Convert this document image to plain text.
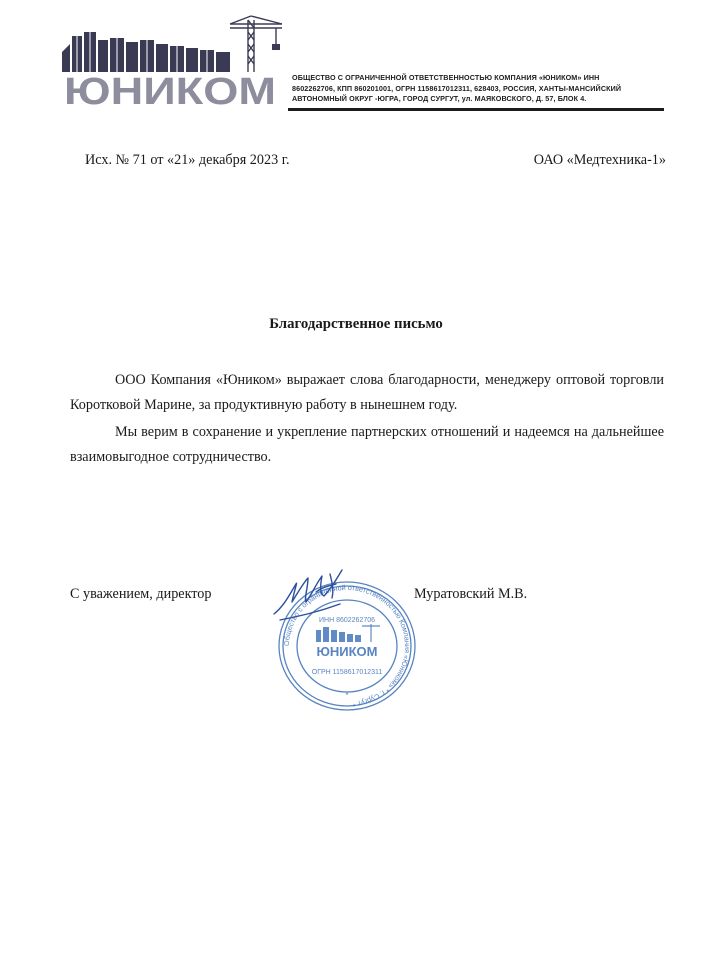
ЮНИКОМ ОБЩЕСТВО С ОГРАНИЧЕННОЙ ОТВЕТСТВЕННОСТЬЮ КОМПАНИЯ «ЮНИКОМ» ИНН
8602262706, КПП 860201001, ОГРН 1158617012311, 628403, РОССИЯ, ХАНТЫ-МАНСИЙСКИЙ
АВТОНОМНЫЙ ОКРУГ -ЮГРА, ГОРОД СУРГУТ, ул. МАЯКОВСКОГО, Д. 57, БЛОК 4.
Исх. № 71 от «21» декабря 2023 г.	ОАО «Медтехника-1»
Благодарственное письмо

ООО Компания «Юником» выражает слова благодарности, менеджеру оптовой торговли Коротковой Марине, за продуктивную работу в нынешнем году.

Мы верим в сохранение и укрепление партнерских отношений и надеемся на дальнейшее взаимовыгодное сотрудничество.

С уважением, директор	Муратовский М.В.
Общество с ограниченной ответственностью Компания «Юником» * г. Сургут *
ИНН 8602262706
ЮНИКОМ
ОГРН 1158617012311
*
